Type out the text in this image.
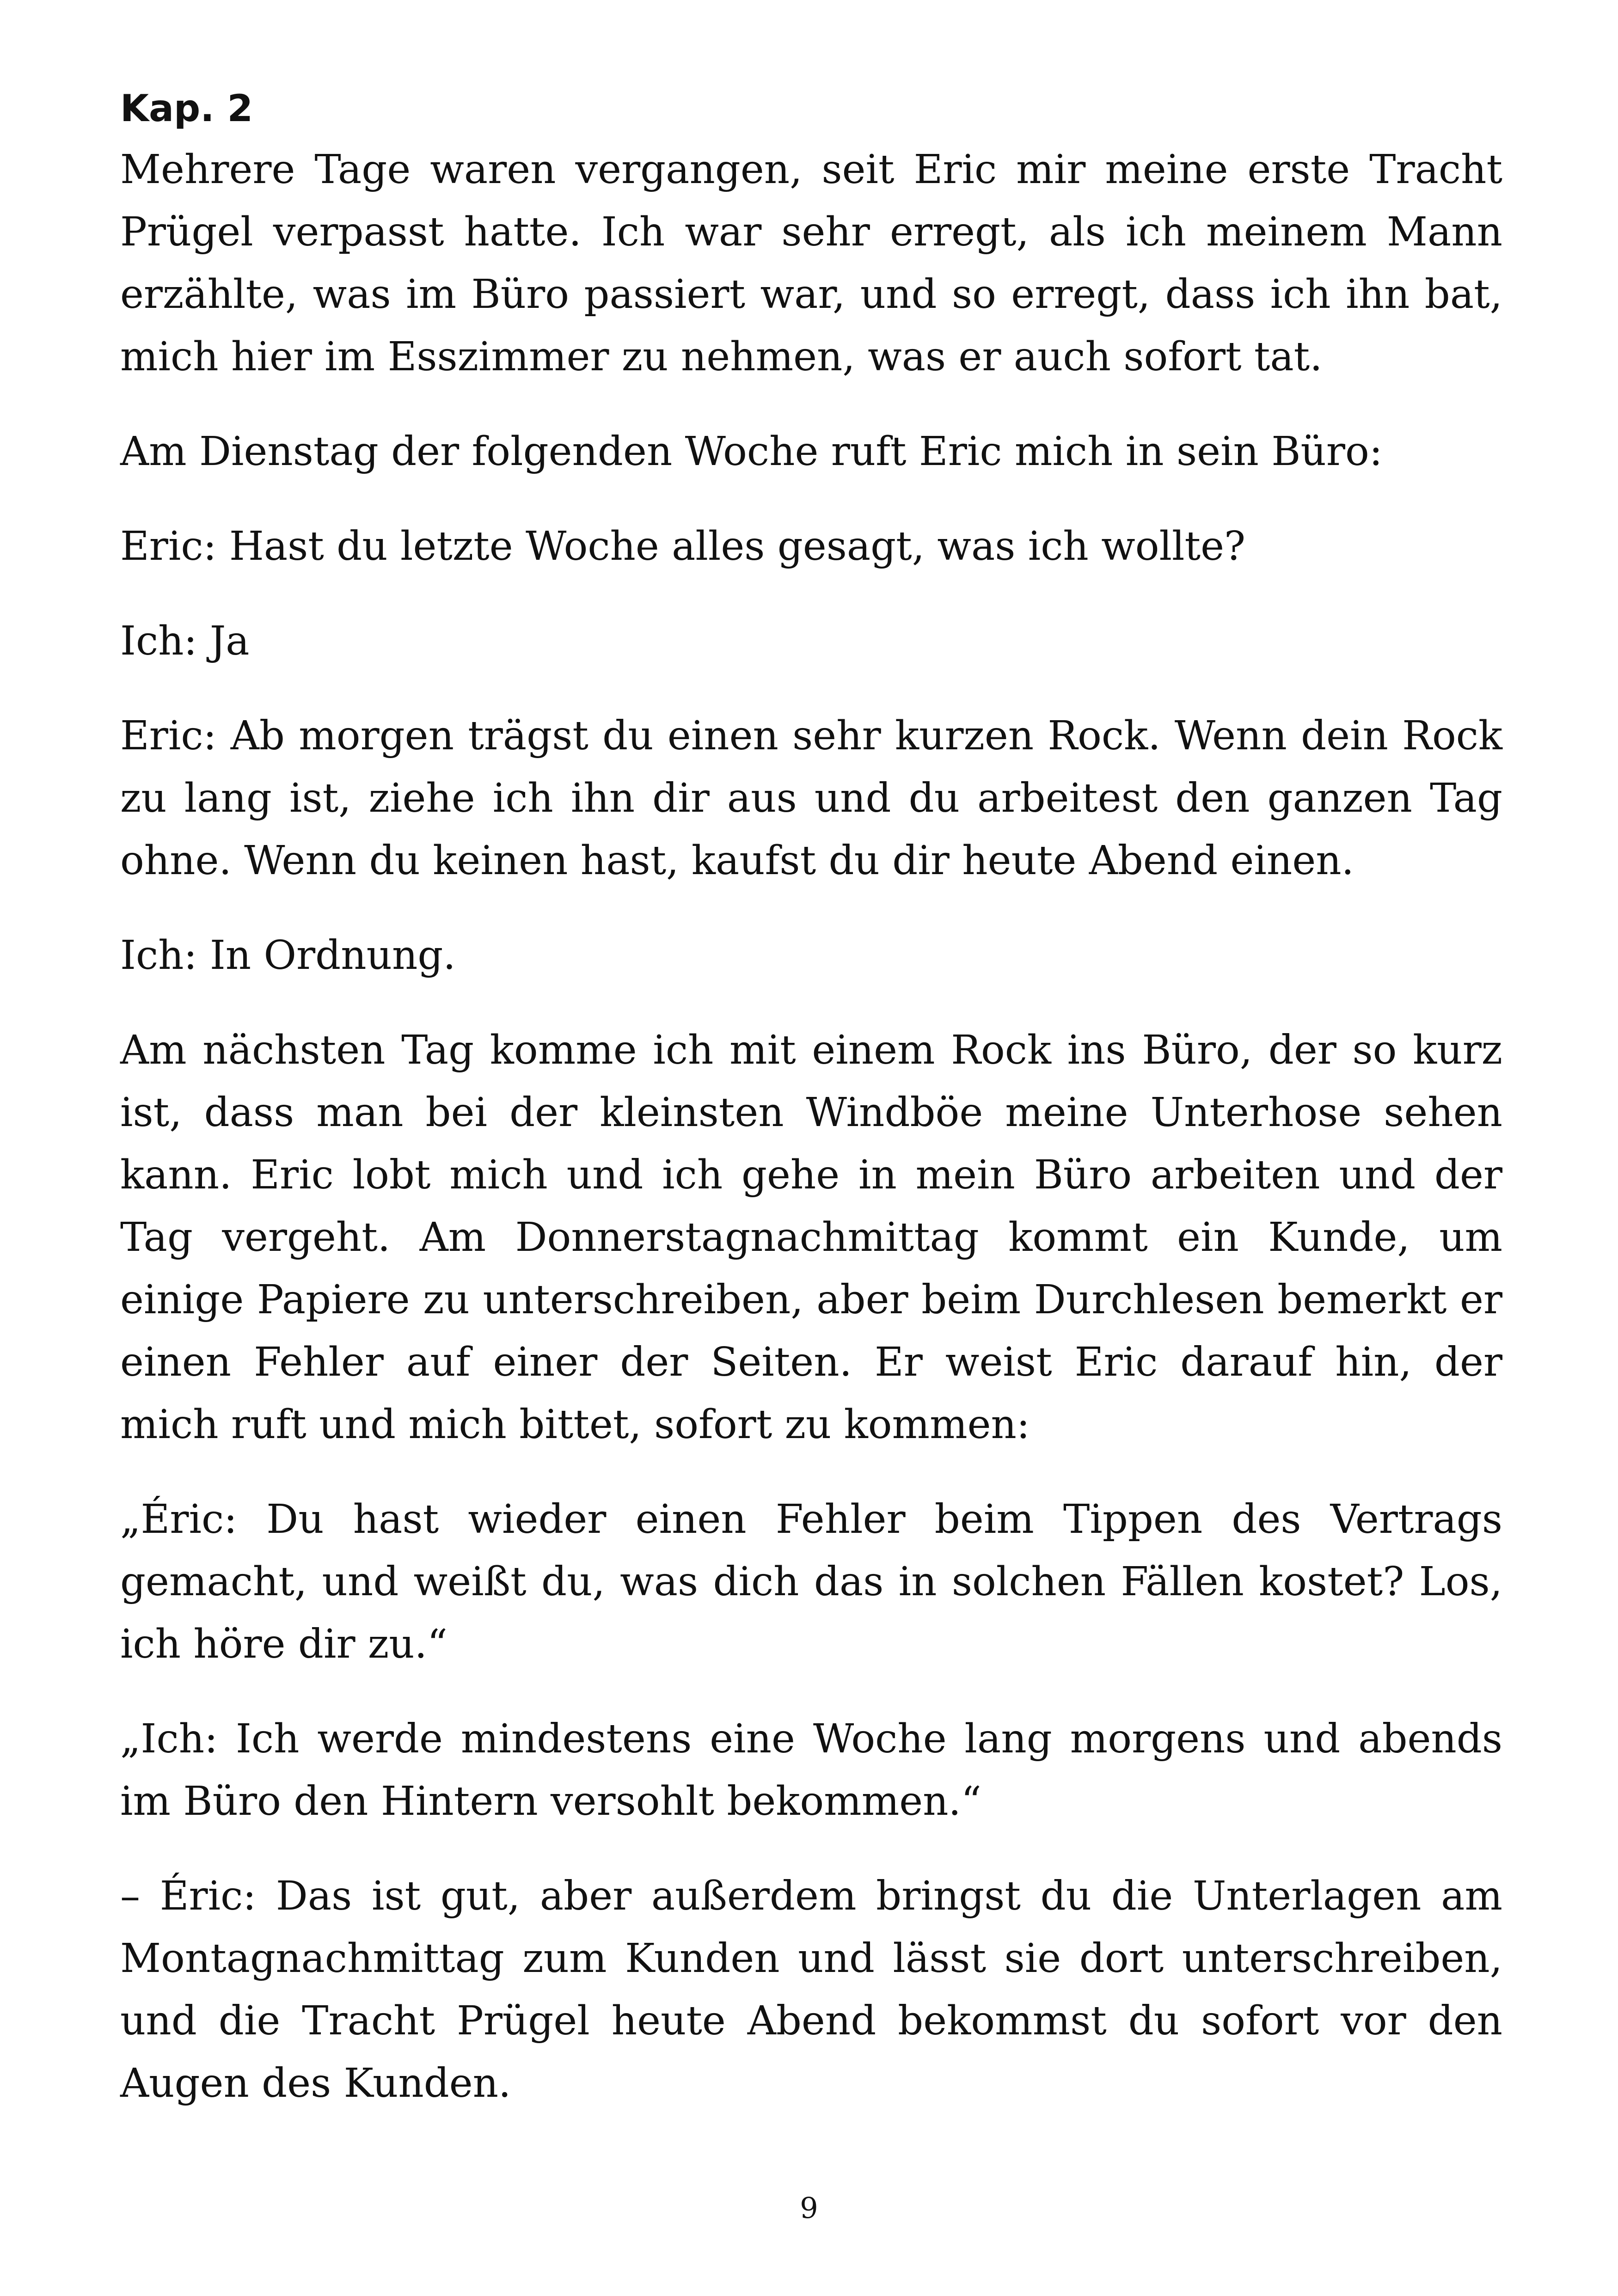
Kap. 2

Mehrere Tage waren vergangen, seit Eric mir meine erste Tracht Prügel verpasst hatte. Ich war sehr erregt, als ich meinem Mann erzählte, was im Büro passiert war, und so erregt, dass ich ihn bat, mich hier im Esszimmer zu nehmen, was er auch sofort tat.

Am Dienstag der folgenden Woche ruft Eric mich in sein Büro:

Eric: Hast du letzte Woche alles gesagt, was ich wollte?

Ich: Ja

Eric: Ab morgen trägst du einen sehr kurzen Rock. Wenn dein Rock zu lang ist, ziehe ich ihn dir aus und du arbeitest den ganzen Tag ohne. Wenn du keinen hast, kaufst du dir heute Abend einen.

Ich: In Ordnung.

Am nächsten Tag komme ich mit einem Rock ins Büro, der so kurz ist, dass man bei der kleinsten Windböe meine Unterhose sehen kann. Eric lobt mich und ich gehe in mein Büro arbeiten und der Tag vergeht. Am Donnerstagnachmittag kommt ein Kunde, um einige Papiere zu unterschreiben, aber beim Durchlesen bemerkt er einen Fehler auf einer der Seiten. Er weist Eric darauf hin, der mich ruft und mich bittet, sofort zu kommen:

„Éric: Du hast wieder einen Fehler beim Tippen des Vertrags gemacht, und weißt du, was dich das in solchen Fällen kostet? Los, ich höre dir zu.“

„Ich: Ich werde mindestens eine Woche lang morgens und abends im Büro den Hintern versohlt bekommen.“

– Éric: Das ist gut, aber außerdem bringst du die Unterlagen am Montagnachmittag zum Kunden und lässt sie dort unterschreiben, und die Tracht Prügel heute Abend bekommst du sofort vor den Augen des Kunden.

9
